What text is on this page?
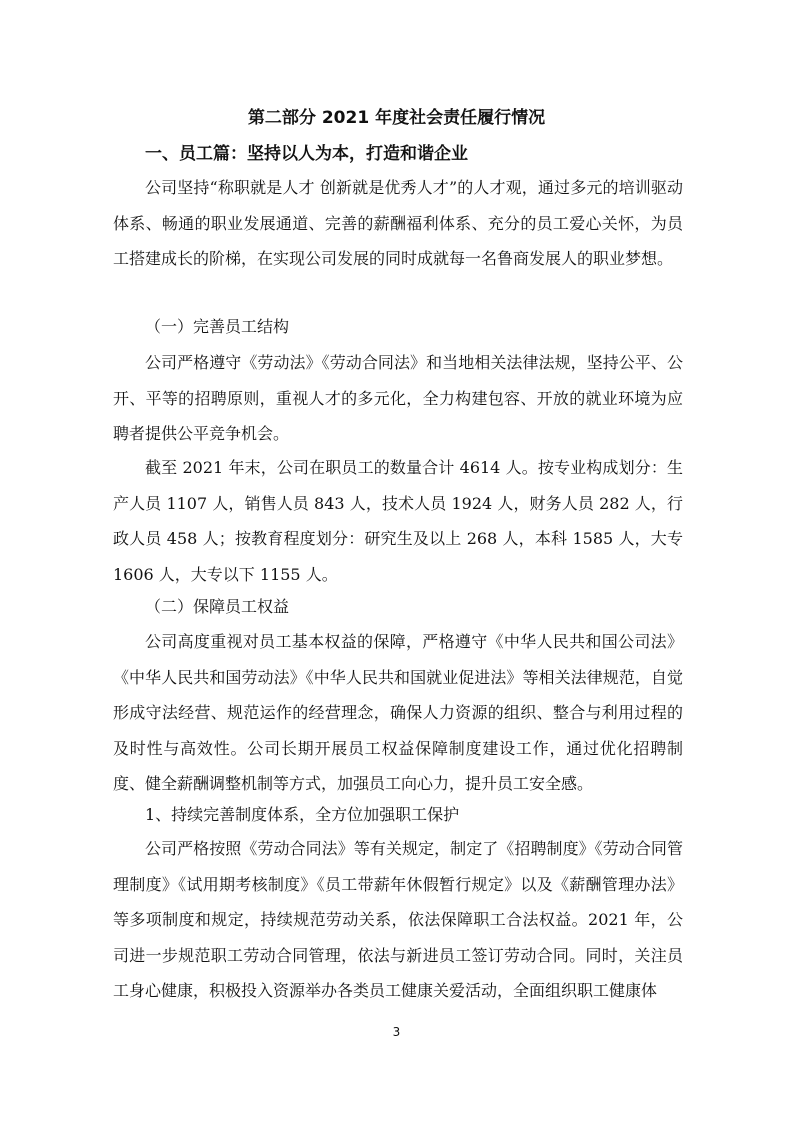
第二部分 2021 年度社会责任履行情况
一、员工篇：坚持以人为本，打造和谐企业

公司坚持“称职就是人才 创新就是优秀人才”的人才观，通过多元的培训驱动体系、畅通的职业发展通道、完善的薪酬福利体系、充分的员工爱心关怀，为员工搭建成长的阶梯，在实现公司发展的同时成就每一名鲁商发展人的职业梦想。

（一）完善员工结构

公司严格遵守《劳动法》《劳动合同法》和当地相关法律法规，坚持公平、公开、平等的招聘原则，重视人才的多元化，全力构建包容、开放的就业环境为应聘者提供公平竞争机会。

截至 2021 年末，公司在职员工的数量合计 4614 人。按专业构成划分：生产人员 1107 人，销售人员 843 人，技术人员 1924 人，财务人员 282 人，行政人员 458 人；按教育程度划分：研究生及以上 268 人，本科 1585 人，大专 1606 人，大专以下 1155 人。

（二）保障员工权益

公司高度重视对员工基本权益的保障，严格遵守《中华人民共和国公司法》《中华人民共和国劳动法》《中华人民共和国就业促进法》等相关法律规范，自觉形成守法经营、规范运作的经营理念，确保人力资源的组织、整合与利用过程的及时性与高效性。公司长期开展员工权益保障制度建设工作，通过优化招聘制度、健全薪酬调整机制等方式，加强员工向心力，提升员工安全感。

1、持续完善制度体系，全方位加强职工保护

公司严格按照《劳动合同法》等有关规定，制定了《招聘制度》《劳动合同管理制度》《试用期考核制度》《员工带薪年休假暂行规定》以及《薪酬管理办法》等多项制度和规定，持续规范劳动关系，依法保障职工合法权益。2021 年，公司进一步规范职工劳动合同管理，依法与新进员工签订劳动合同。同时，关注员工身心健康，积极投入资源举办各类员工健康关爱活动，全面组织职工健康体

3
